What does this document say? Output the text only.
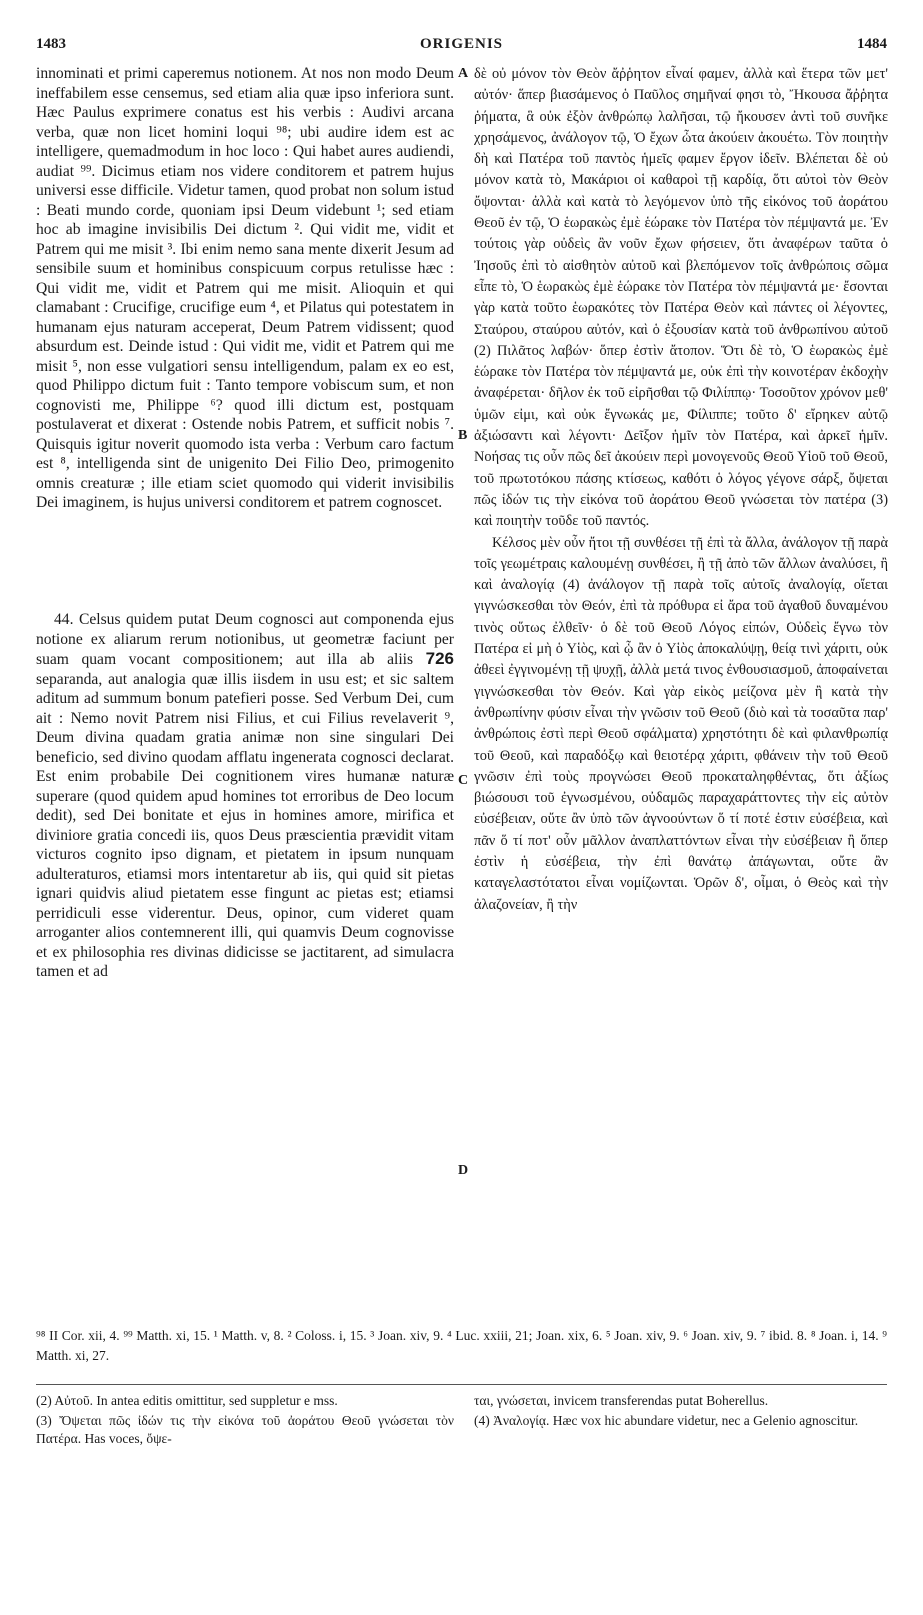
1483	ORIGENIS	1484

innominati et primi caperemus notionem. At nos non modo Deum ineffabilem esse censemus, sed etiam alia quæ ipso inferiora sunt. Hæc Paulus exprimere conatus est his verbis : Audivi arcana verba, quæ non licet homini loqui ⁹⁸; ubi audire idem est ac intelligere, quemadmodum in hoc loco : Qui habet aures audiendi, audiat ⁹⁹. Dicimus etiam nos videre conditorem et patrem hujus universi esse difficile. Videtur tamen, quod probat non solum istud : Beati mundo corde, quoniam ipsi Deum videbunt ¹; sed etiam hoc ab imagine invisibilis Dei dictum ². Qui vidit me, vidit et Patrem qui me misit ³. Ibi enim nemo sana mente dixerit Jesum ad sensibile suum et hominibus conspicuum corpus retulisse hæc : Qui vidit me, vidit et Patrem qui me misit. Alioquin et qui clamabant : Crucifige, crucifige eum ⁴, et Pilatus qui potestatem in humanam ejus naturam acceperat, Deum Patrem vidissent; quod absurdum est. Deinde istud : Qui vidit me, vidit et Patrem qui me misit ⁵, non esse vulgatiori sensu intelligendum, palam ex eo est, quod Philippo dictum fuit : Tanto tempore vobiscum sum, et non cognovisti me, Philippe ⁶? quod illi dictum est, postquam postulaverat et dixerat : Ostende nobis Patrem, et sufficit nobis ⁷. Quisquis igitur noverit quomodo ista verba : Verbum caro factum est ⁸, intelligenda sint de unigenito Dei Filio Deo, primogenito omnis creaturæ ; ille etiam sciet quomodo qui viderit invisibilis Dei imaginem, is hujus universi conditorem et patrem cognoscet.

44. Celsus quidem putat Deum cognosci aut componenda ejus notione ex aliarum rerum notionibus, ut geometræ faciunt per suam quam vocant compositionem; aut illa ab aliis 726 separanda, aut analogia quæ illis iisdem in usu est; et sic saltem aditum ad summum bonum patefieri posse. Sed Verbum Dei, cum ait : Nemo novit Patrem nisi Filius, et cui Filius revelaverit ⁹, Deum divina quadam gratia animæ non sine singulari Dei beneficio, sed divino quodam afflatu ingenerata cognosci declarat. Est enim probabile Dei cognitionem vires humanæ naturæ superare (quod quidem apud homines tot erroribus de Deo locum dedit), sed Dei bonitate et ejus in homines amore, mirifica et diviniore gratia concedi iis, quos Deus præscientia prævidit vitam victuros cognito ipso dignam, et pietatem in ipsum nunquam adulteraturos, etiamsi mors intentaretur ab iis, qui quid sit pietas ignari quidvis aliud pietatem esse fingunt ac pietas est; etiamsi perridiculi esse viderentur. Deus, opinor, cum videret quam arroganter alios contemnerent illi, qui quamvis Deum cognovisse et ex philosophia res divinas didicisse se jactitarent, ad simulacra tamen et ad

A
B
C
D

δὲ οὐ μόνον τὸν Θεὸν ἄῤῥητον εἶναί φαμεν, ἀλλὰ καὶ ἕτερα τῶν μετ' αὐτόν· ἅπερ βιασάμενος ὁ Παῦλος σημῆναί φησι τὸ, Ἤκουσα ἄῤῥητα ῥήματα, ἃ οὐκ ἐξὸν ἀνθρώπῳ λαλῆσαι, τῷ ἤκουσεν ἀντὶ τοῦ συνῆκε χρησάμενος, ἀνάλογον τῷ, Ὁ ἔχων ὦτα ἀκούειν ἀκουέτω. Τὸν ποιητὴν δὴ καὶ Πατέρα τοῦ παντὸς ἡμεῖς φαμεν ἔργον ἰδεῖν. Βλέπεται δὲ οὐ μόνον κατὰ τὸ, Μακάριοι οἱ καθαροὶ τῇ καρδίᾳ, ὅτι αὐτοὶ τὸν Θεὸν ὄψονται· ἀλλὰ καὶ κατὰ τὸ λεγόμενον ὑπὸ τῆς εἰκόνος τοῦ ἀοράτου Θεοῦ ἐν τῷ, Ὁ ἑωρακὼς ἐμὲ ἑώρακε τὸν Πατέρα τὸν πέμψαντά με. Ἐν τούτοις γὰρ οὐδεὶς ἂν νοῦν ἔχων φήσειεν, ὅτι ἀναφέρων ταῦτα ὁ Ἰησοῦς ἐπὶ τὸ αἰσθητὸν αὐτοῦ καὶ βλεπόμενον τοῖς ἀνθρώποις σῶμα εἶπε τὸ, Ὁ ἑωρακὼς ἐμὲ ἑώρακε τὸν Πατέρα τὸν πέμψαντά με· ἔσονται γὰρ κατὰ τοῦτο ἑωρακότες τὸν Πατέρα Θεὸν καὶ πάντες οἱ λέγοντες, Σταύρου, σταύρου αὐτόν, καὶ ὁ ἐξουσίαν κατὰ τοῦ ἀνθρωπίνου αὐτοῦ (2) Πιλᾶτος λαβών· ὅπερ ἐστὶν ἄτοπον. Ὅτι δὲ τὸ, Ὁ ἑωρακὼς ἐμὲ ἑώρακε τὸν Πατέρα τὸν πέμψαντά με, οὐκ ἐπὶ τὴν κοινοτέραν ἐκδοχὴν ἀναφέρεται· δῆλον ἐκ τοῦ εἰρῆσθαι τῷ Φιλίππῳ· Τοσοῦτον χρόνον μεθ' ὑμῶν εἰμι, καὶ οὐκ ἔγνωκάς με, Φίλιππε; τοῦτο δ' εἴρηκεν αὐτῷ ἀξιώσαντι καὶ λέγοντι· Δεῖξον ἡμῖν τὸν Πατέρα, καὶ ἀρκεῖ ἡμῖν. Νοήσας τις οὖν πῶς δεῖ ἀκούειν περὶ μονογενοῦς Θεοῦ Υἱοῦ τοῦ Θεοῦ, τοῦ πρωτοτόκου πάσης κτίσεως, καθότι ὁ λόγος γέγονε σάρξ, ὄψεται πῶς ἰδών τις τὴν εἰκόνα τοῦ ἀοράτου Θεοῦ γνώσεται τὸν πατέρα (3) καὶ ποιητὴν τοῦδε τοῦ παντός.

Κέλσος μὲν οὖν ἤτοι τῇ συνθέσει τῇ ἐπὶ τὰ ἄλλα, ἀνάλογον τῇ παρὰ τοῖς γεωμέτραις καλουμένῃ συνθέσει, ἢ τῇ ἀπὸ τῶν ἄλλων ἀναλύσει, ἢ καὶ ἀναλογίᾳ (4) ἀνάλογον τῇ παρὰ τοῖς αὐτοῖς ἀναλογίᾳ, οἴεται γιγνώσκεσθαι τὸν Θεόν, ἐπὶ τὰ πρόθυρα εἰ ἄρα τοῦ ἀγαθοῦ δυναμένου τινὸς οὕτως ἐλθεῖν· ὁ δὲ τοῦ Θεοῦ Λόγος εἰπών, Οὐδεὶς ἔγνω τὸν Πατέρα εἰ μὴ ὁ Υἱὸς, καὶ ᾧ ἂν ὁ Υἱὸς ἀποκαλύψῃ, θείᾳ τινὶ χάριτι, οὐκ ἀθεεὶ ἐγγινομένῃ τῇ ψυχῇ, ἀλλὰ μετά τινος ἐνθουσιασμοῦ, ἀποφαίνεται γιγνώσκεσθαι τὸν Θεόν. Καὶ γὰρ εἰκὸς μείζονα μὲν ἢ κατὰ τὴν ἀνθρωπίνην φύσιν εἶναι τὴν γνῶσιν τοῦ Θεοῦ (διὸ καὶ τὰ τοσαῦτα παρ' ἀνθρώποις ἐστὶ περὶ Θεοῦ σφάλματα) χρηστότητι δὲ καὶ φιλανθρωπίᾳ τοῦ Θεοῦ, καὶ παραδόξῳ καὶ θειοτέρᾳ χάριτι, φθάνειν τὴν τοῦ Θεοῦ γνῶσιν ἐπὶ τοὺς προγνώσει Θεοῦ προκαταληφθέντας, ὅτι ἀξίως βιώσουσι τοῦ ἐγνωσμένου, οὐδαμῶς παραχαράττοντες τὴν εἰς αὐτὸν εὐσέβειαν, οὔτε ἂν ὑπὸ τῶν ἀγνοούντων ὅ τί ποτέ ἐστιν εὐσέβεια, καὶ πᾶν ὅ τί ποτ' οὖν μᾶλλον ἀναπλαττόντων εἶναι τὴν εὐσέβειαν ἢ ὅπερ ἐστὶν ἡ εὐσέβεια, τὴν ἐπὶ θανάτῳ ἀπάγωνται, οὔτε ἂν καταγελαστότατοι εἶναι νομίζωνται. Ὁρῶν δ', οἶμαι, ὁ Θεὸς καὶ τὴν ἀλαζονείαν, ἢ τὴν

⁹⁸ II Cor. xii, 4. ⁹⁹ Matth. xi, 15. ¹ Matth. v, 8. ² Coloss. i, 15. ³ Joan. xiv, 9. ⁴ Luc. xxiii, 21; Joan. xix, 6. ⁵ Joan. xiv, 9. ⁶ Joan. xiv, 9. ⁷ ibid. 8. ⁸ Joan. i, 14. ⁹ Matth. xi, 27.

(2) Αὐτοῦ. In antea editis omittitur, sed suppletur e mss.

(3) Ὄψεται πῶς ἰδών τις τὴν εἰκόνα τοῦ ἀοράτου Θεοῦ γνώσεται τὸν Πατέρα. Has voces, ὄψε-

ται, γνώσεται, invicem transferendas putat Boherellus.

(4) Ἀναλογίᾳ. Hæc vox hic abundare videtur, nec a Gelenio agnoscitur.
